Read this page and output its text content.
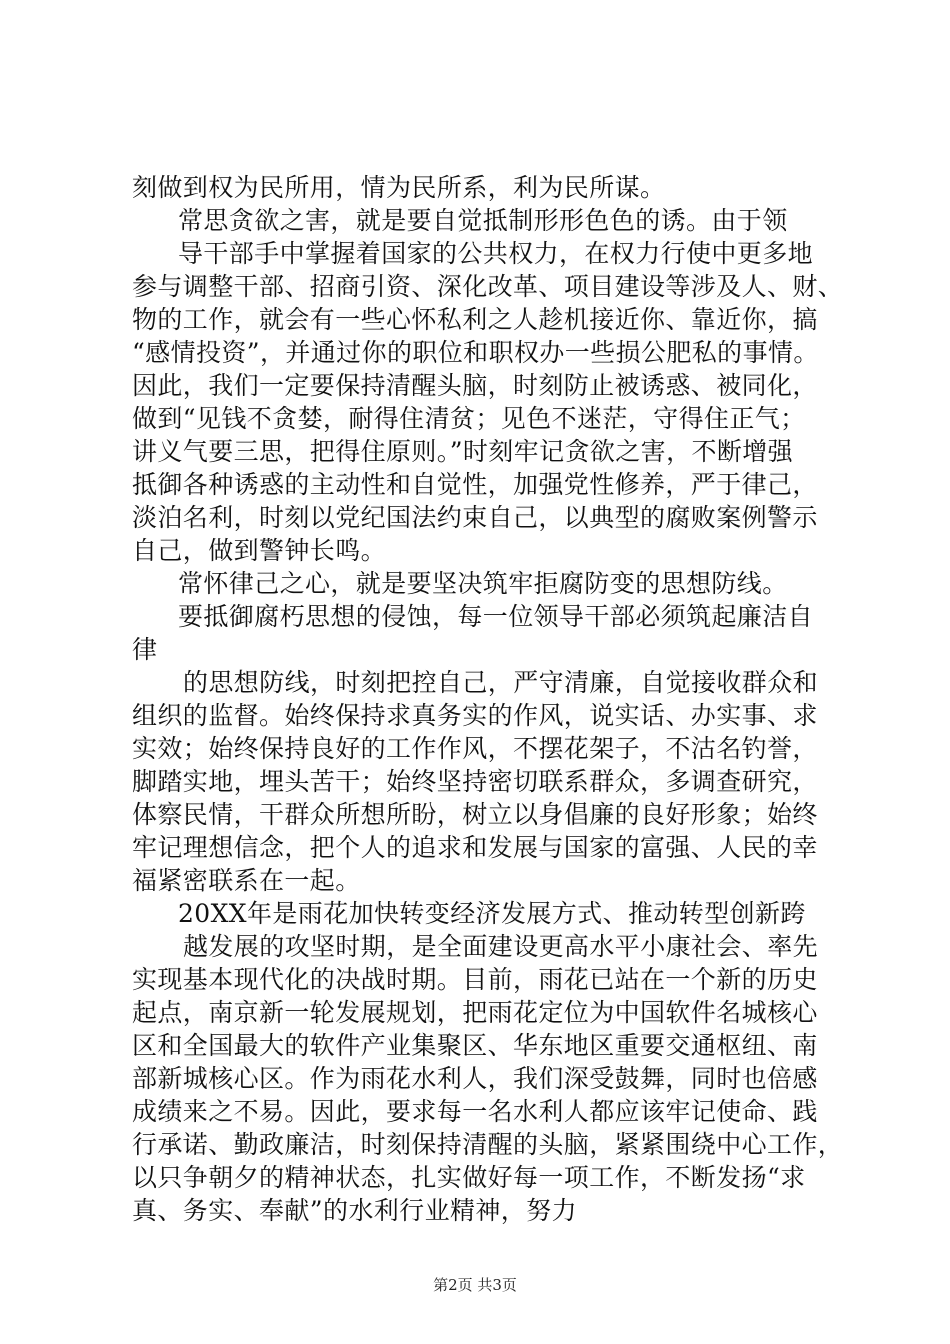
刻做到权为民所用，情为民所系，利为民所谋。
常思贪欲之害，就是要自觉抵制形形色色的诱。由于领
导干部手中掌握着国家的公共权力，在权力行使中更多地
参与调整干部、招商引资、深化改革、项目建设等涉及人、财、
物的工作，就会有一些心怀私利之人趁机接近你、靠近你，搞
“感情投资”，并通过你的职位和职权办一些损公肥私的事情。
因此，我们一定要保持清醒头脑，时刻防止被诱惑、被同化，
做到“见钱不贪婪，耐得住清贫；见色不迷茫，守得住正气；
讲义气要三思，把得住原则。”时刻牢记贪欲之害，不断增强
抵御各种诱惑的主动性和自觉性，加强党性修养，严于律己，
淡泊名利，时刻以党纪国法约束自己，以典型的腐败案例警示
自己，做到警钟长鸣。
常怀律己之心，就是要坚决筑牢拒腐防变的思想防线。
要抵御腐朽思想的侵蚀，每一位领导干部必须筑起廉洁自
律
的思想防线，时刻把控自己，严守清廉，自觉接收群众和
组织的监督。始终保持求真务实的作风，说实话、办实事、求
实效；始终保持良好的工作作风，不摆花架子，不沽名钓誉，
脚踏实地，埋头苦干；始终坚持密切联系群众，多调查研究，
体察民情，干群众所想所盼，树立以身倡廉的良好形象；始终
牢记理想信念，把个人的追求和发展与国家的富强、人民的幸
福紧密联系在一起。
20XX年是雨花加快转变经济发展方式、推动转型创新跨
越发展的攻坚时期，是全面建设更高水平小康社会、率先
实现基本现代化的决战时期。目前，雨花已站在一个新的历史
起点，南京新一轮发展规划，把雨花定位为中国软件名城核心
区和全国最大的软件产业集聚区、华东地区重要交通枢纽、南
部新城核心区。作为雨花水利人，我们深受鼓舞，同时也倍感
成绩来之不易。因此，要求每一名水利人都应该牢记使命、践
行承诺、勤政廉洁，时刻保持清醒的头脑，紧紧围绕中心工作，
以只争朝夕的精神状态，扎实做好每一项工作，不断发扬“求
真、务实、奉献”的水利行业精神，努力
第2页 共3页
